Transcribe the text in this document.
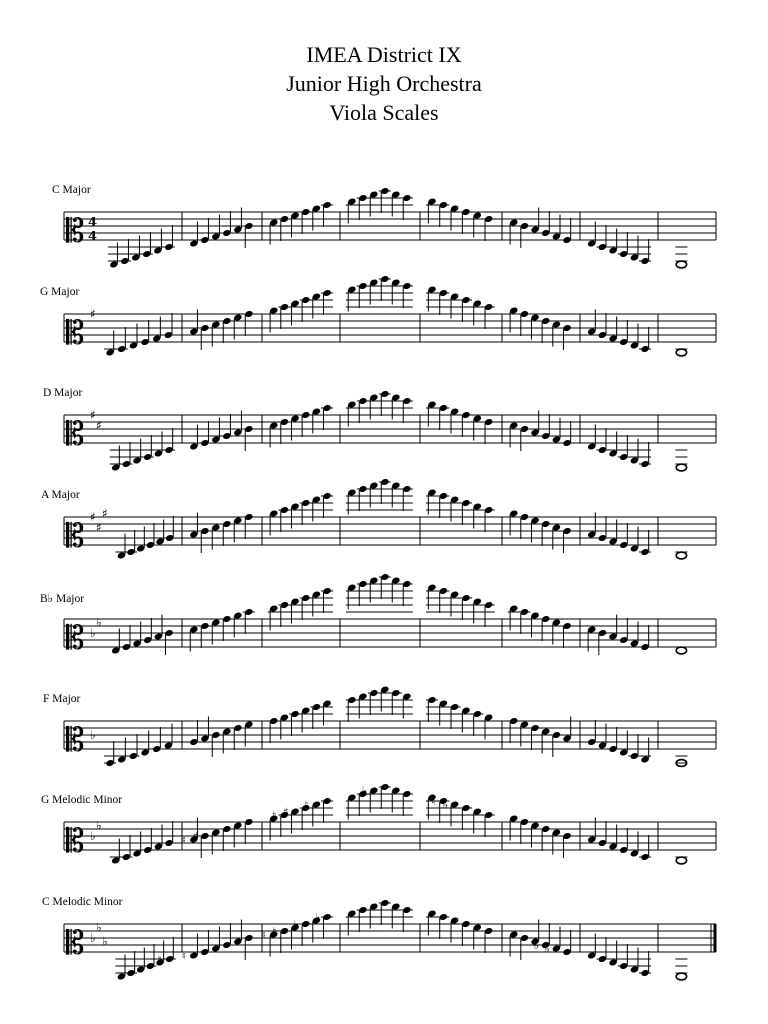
IMEA District IX
Junior High Orchestra
Viola Scales
C Major
𝄡 4
4
G Major
𝄡 ♯
D Major
𝄡 ♯
♯
A Major
𝄡 ♯
♯
♯
B♭ Major
𝄡 ♭
♭
F Major
𝄡 ♭
G Melodic Minor
𝄡 ♭
♭
♮ ♯
♮ ♯
♮
♭
♮ ♭
C Melodic Minor
𝄡 ♭
♭
♭
♮ ♮
♮ ♮
♭
♭
♭ ♭
